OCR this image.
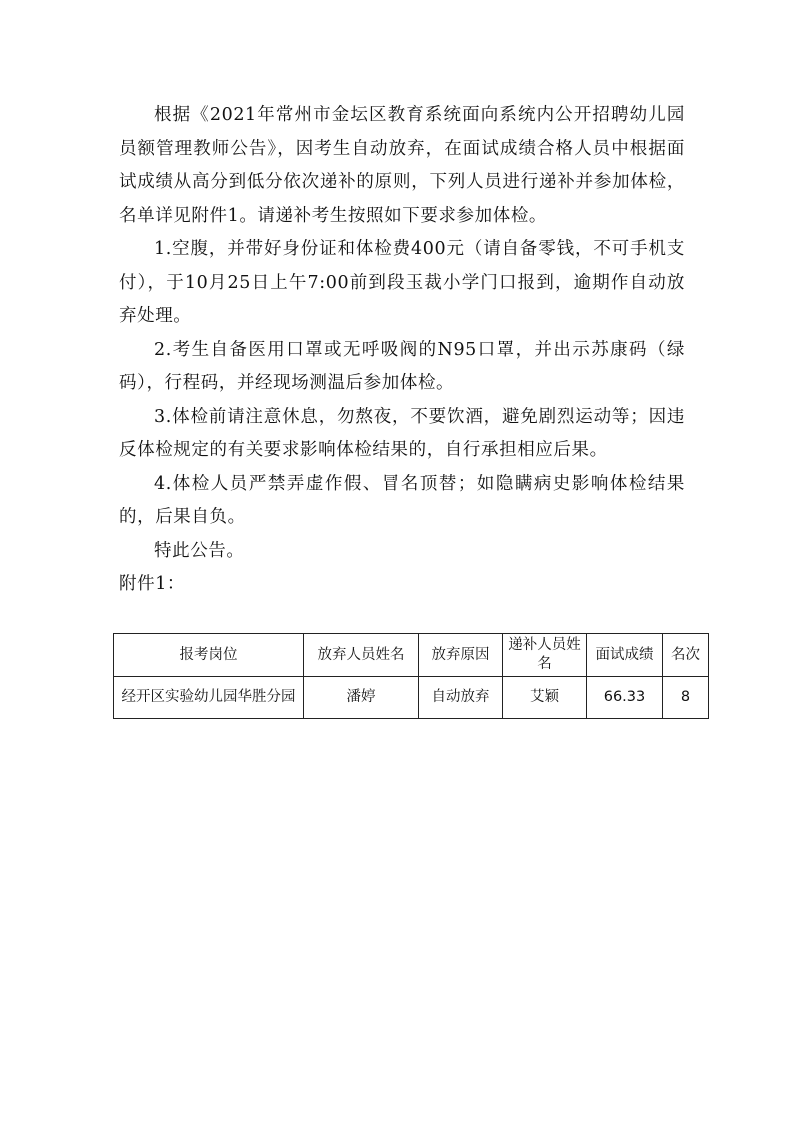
根据《2021年常州市金坛区教育系统面向系统内公开招聘幼儿园员额管理教师公告》，因考生自动放弃，在面试成绩合格人员中根据面试成绩从高分到低分依次递补的原则，下列人员进行递补并参加体检，名单详见附件1。请递补考生按照如下要求参加体检。

1.空腹，并带好身份证和体检费400元（请自备零钱，不可手机支付），于10月25日上午7:00前到段玉裁小学门口报到，逾期作自动放弃处理。

2.考生自备医用口罩或无呼吸阀的N95口罩，并出示苏康码（绿码），行程码，并经现场测温后参加体检。

3.体检前请注意休息，勿熬夜，不要饮酒，避免剧烈运动等；因违反体检规定的有关要求影响体检结果的，自行承担相应后果。

4.体检人员严禁弄虚作假、冒名顶替；如隐瞒病史影响体检结果的，后果自负。

特此公告。

附件1：

报考岗位	放弃人员姓名	放弃原因	递补人员姓名	面试成绩	名次
经开区实验幼儿园华胜分园	潘婷	自动放弃	艾颖	66.33	8
